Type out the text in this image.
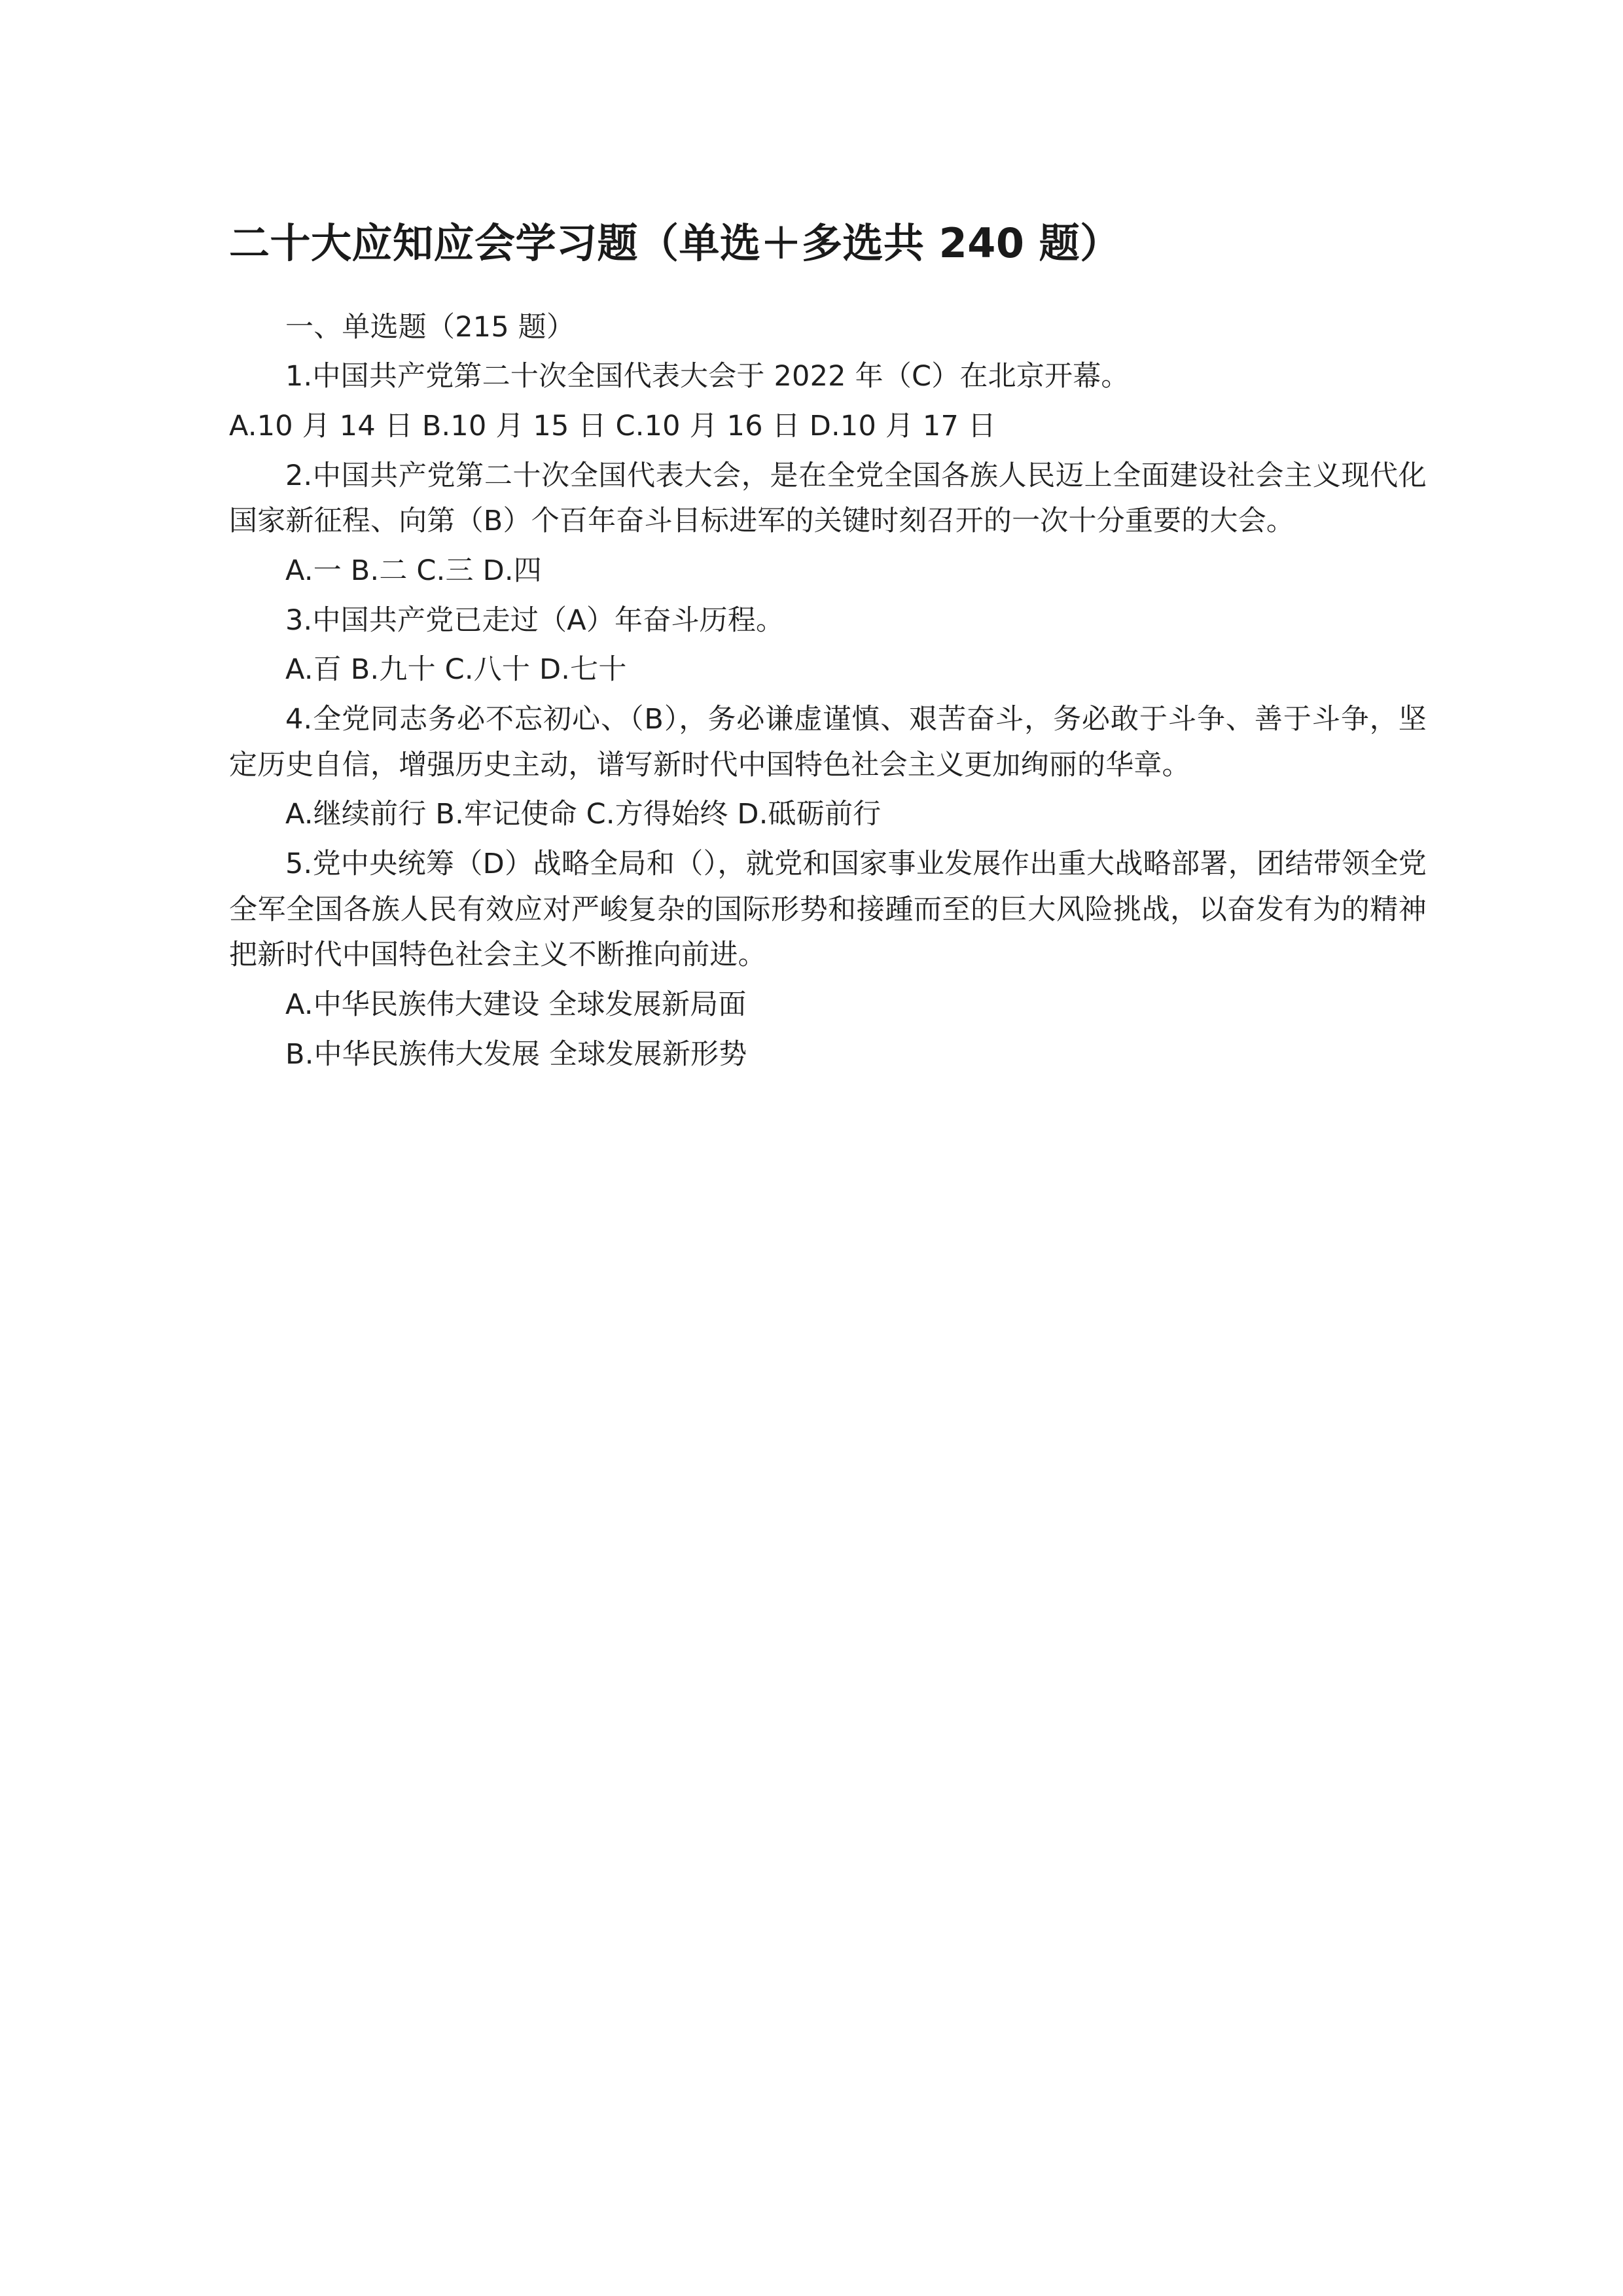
二十大应知应会学习题（单选＋多选共 240 题）

一、单选题（215 题）

1.中国共产党第二十次全国代表大会于 2022 年（C）在北京开幕。

A.10 月 14 日 B.10 月 15 日 C.10 月 16 日 D.10 月 17 日

2.中国共产党第二十次全国代表大会，是在全党全国各族人民迈上全面建设社会主义现代化国家新征程、向第（B）个百年奋斗目标进军的关键时刻召开的一次十分重要的大会。

A.一 B.二 C.三 D.四

3.中国共产党已走过（A）年奋斗历程。

A.百 B.九十 C.八十 D.七十

4.全党同志务必不忘初心、（B），务必谦虚谨慎、艰苦奋斗，务必敢于斗争、善于斗争，坚定历史自信，增强历史主动，谱写新时代中国特色社会主义更加绚丽的华章。

A.继续前行 B.牢记使命 C.方得始终 D.砥砺前行

5.党中央统筹（D）战略全局和（），就党和国家事业发展作出重大战略部署，团结带领全党全军全国各族人民有效应对严峻复杂的国际形势和接踵而至的巨大风险挑战，以奋发有为的精神把新时代中国特色社会主义不断推向前进。

A.中华民族伟大建设 全球发展新局面

B.中华民族伟大发展 全球发展新形势
